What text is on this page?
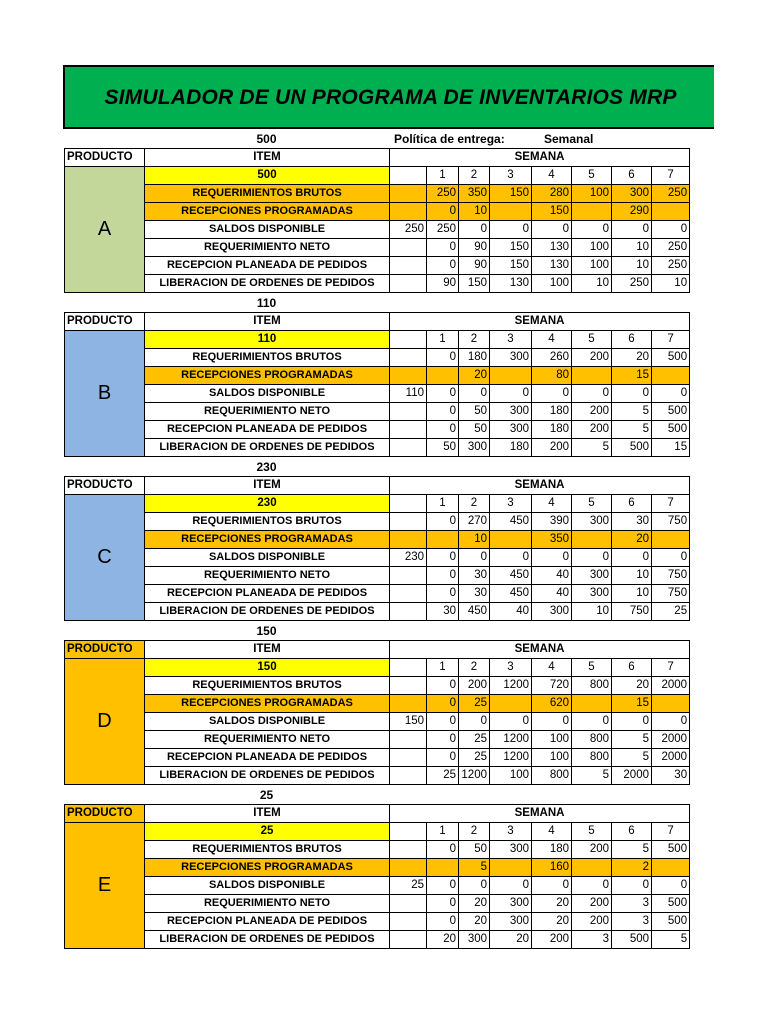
SIMULADOR DE UN PROGRAMA DE INVENTARIOS MRP
500	Política de entrega:	Semanal
PRODUCTO	ITEM	SEMANA							
A	500		1	2	3	4	5	6	7
	REQUERIMIENTOS BRUTOS		250	350	150	280	100	300	250
	RECEPCIONES PROGRAMADAS		0	10		150		290	
	SALDOS DISPONIBLE	250	250	0	0	0	0	0	0
	REQUERIMIENTO NETO		0	90	150	130	100	10	250
	RECEPCION PLANEADA DE PEDIDOS		0	90	150	130	100	10	250
	LIBERACION DE ORDENES DE PEDIDOS		90	150	130	100	10	250	10
110
PRODUCTO	ITEM	SEMANA							
B	110		1	2	3	4	5	6	7
	REQUERIMIENTOS BRUTOS		0	180	300	260	200	20	500
	RECEPCIONES PROGRAMADAS			20		80		15	
	SALDOS DISPONIBLE	110	0	0	0	0	0	0	0
	REQUERIMIENTO NETO		0	50	300	180	200	5	500
	RECEPCION PLANEADA DE PEDIDOS		0	50	300	180	200	5	500
	LIBERACION DE ORDENES DE PEDIDOS		50	300	180	200	5	500	15
230
PRODUCTO	ITEM	SEMANA							
C	230		1	2	3	4	5	6	7
	REQUERIMIENTOS BRUTOS		0	270	450	390	300	30	750
	RECEPCIONES PROGRAMADAS			10		350		20	
	SALDOS DISPONIBLE	230	0	0	0	0	0	0	0
	REQUERIMIENTO NETO		0	30	450	40	300	10	750
	RECEPCION PLANEADA DE PEDIDOS		0	30	450	40	300	10	750
	LIBERACION DE ORDENES DE PEDIDOS		30	450	40	300	10	750	25
150
PRODUCTO	ITEM	SEMANA							
D	150		1	2	3	4	5	6	7
	REQUERIMIENTOS BRUTOS		0	200	1200	720	800	20	2000
	RECEPCIONES PROGRAMADAS		0	25		620		15	
	SALDOS DISPONIBLE	150	0	0	0	0	0	0	0
	REQUERIMIENTO NETO		0	25	1200	100	800	5	2000
	RECEPCION PLANEADA DE PEDIDOS		0	25	1200	100	800	5	2000
	LIBERACION DE ORDENES DE PEDIDOS		25	1200	100	800	5	2000	30
25
PRODUCTO	ITEM	SEMANA							
E	25		1	2	3	4	5	6	7
	REQUERIMIENTOS BRUTOS		0	50	300	180	200	5	500
	RECEPCIONES PROGRAMADAS			5		160		2	
	SALDOS DISPONIBLE	25	0	0	0	0	0	0	0
	REQUERIMIENTO NETO		0	20	300	20	200	3	500
	RECEPCION PLANEADA DE PEDIDOS		0	20	300	20	200	3	500
	LIBERACION DE ORDENES DE PEDIDOS		20	300	20	200	3	500	5
